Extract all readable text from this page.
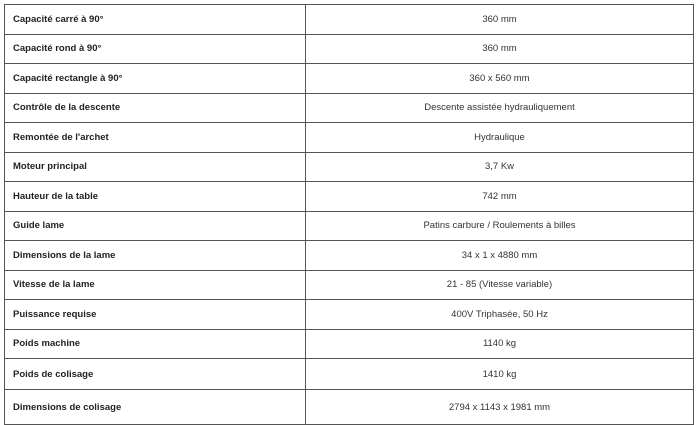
Capacité carré à 90°	360 mm
Capacité rond à 90°	360 mm
Capacité rectangle à 90°	360 x 560 mm
Contrôle de la descente	Descente assistée hydrauliquement
Remontée de l'archet	Hydraulique
Moteur principal	3,7 Kw
Hauteur de la table	742 mm
Guide lame	Patins carbure / Roulements à billes
Dimensions de la lame	34 x 1 x 4880 mm
Vitesse de la lame	21 - 85 (Vitesse variable)
Puissance requise	400V Triphasée, 50 Hz
Poids machine	1140 kg
Poids de colisage	1410 kg
Dimensions de colisage	2794 x 1143 x 1981 mm
